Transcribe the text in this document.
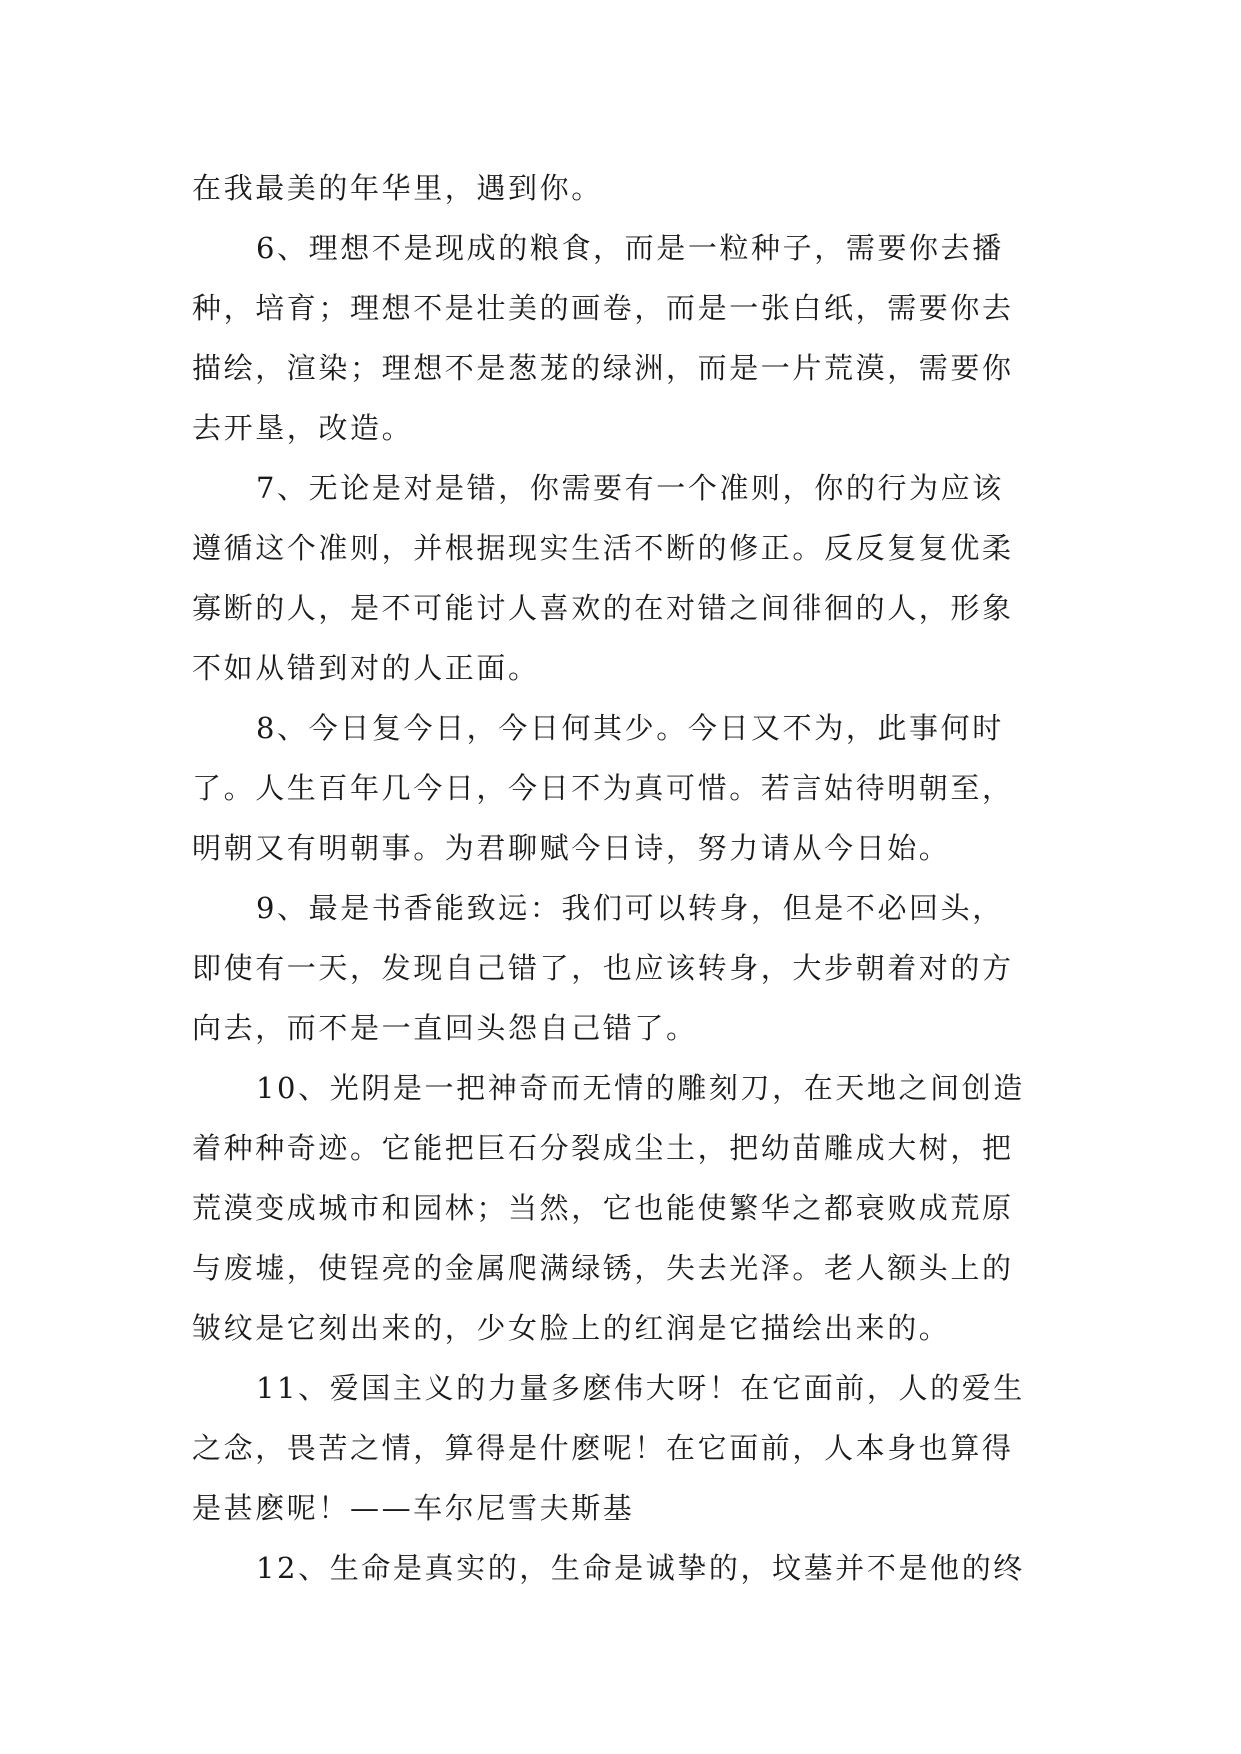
在我最美的年华里，遇到你。
6、理想不是现成的粮食，而是一粒种子，需要你去播
种，培育；理想不是壮美的画卷，而是一张白纸，需要你去
描绘，渲染；理想不是葱茏的绿洲，而是一片荒漠，需要你
去开垦，改造。
7、无论是对是错，你需要有一个准则，你的行为应该
遵循这个准则，并根据现实生活不断的修正。反反复复优柔
寡断的人，是不可能讨人喜欢的在对错之间徘徊的人，形象
不如从错到对的人正面。
8、今日复今日，今日何其少。今日又不为，此事何时
了。人生百年几今日，今日不为真可惜。若言姑待明朝至，
明朝又有明朝事。为君聊赋今日诗，努力请从今日始。
9、最是书香能致远：我们可以转身，但是不必回头，
即使有一天，发现自己错了，也应该转身，大步朝着对的方
向去，而不是一直回头怨自己错了。
10、光阴是一把神奇而无情的雕刻刀，在天地之间创造
着种种奇迹。它能把巨石分裂成尘土，把幼苗雕成大树，把
荒漠变成城市和园林；当然，它也能使繁华之都衰败成荒原
与废墟，使锃亮的金属爬满绿锈，失去光泽。老人额头上的
皱纹是它刻出来的，少女脸上的红润是它描绘出来的。
11、爱国主义的力量多麽伟大呀！在它面前，人的爱生
之念，畏苦之情，算得是什麽呢！在它面前，人本身也算得
是甚麽呢！——车尔尼雪夫斯基
12、生命是真实的，生命是诚挚的，坟墓并不是他的终
